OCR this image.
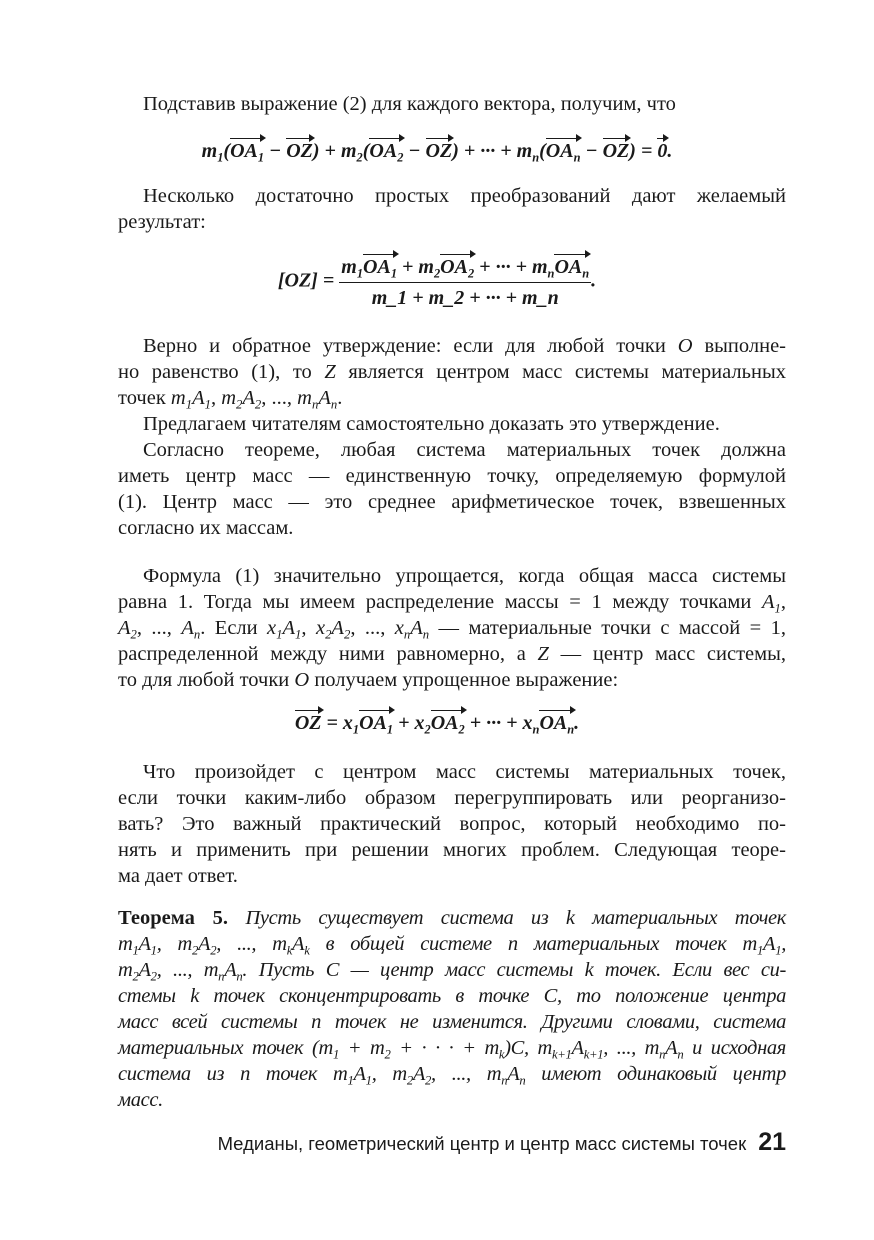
Подставив выражение (2) для каждого вектора, получим, что
Несколько достаточно простых преобразований дают желаемый
результат:
Верно и обратное утверждение: если для любой точки O выполне-
но равенство (1), то Z является центром масс системы материальных
точек $m_1A_1$, $m_2A_2$, ..., $m_nA_n$.
Предлагаем читателям самостоятельно доказать это утверждение.
Согласно теореме, любая система материальных точек должна
иметь центр масс — единственную точку, определяемую формулой
(1). Центр масс — это среднее арифметическое точек, взвешенных
согласно их массам.
Формула (1) значительно упрощается, когда общая масса системы
равна 1. Тогда мы имеем распределение массы = 1 между точками $A_1$,
$A_2$, ..., $A_n$. Если $x_1A_1$, $x_2A_2$, ..., $x_nA_n$ — материальные точки с массой = 1,
распределенной между ними равномерно, а Z — центр масс системы,
то для любой точки O получаем упрощенное выражение:
Что произойдет с центром масс системы материальных точек,
если точки каким-либо образом перегруппировать или реорганизо-
вать? Это важный практический вопрос, который необходимо по-
нять и применить при решении многих проблем. Следующая теоре-
ма дает ответ.
Теорема 5. Пусть существует система из k материальных точек
$m_1A_1$, $m_2A_2$, ..., $m_kA_k$ в общей системе n материальных точек $m_1A_1$,
$m_2A_2$, ..., $m_nA_n$. Пусть C — центр масс системы k точек. Если вес си-
стемы k точек сконцентрировать в точке C, то положение центра
масс всей системы n точек не изменится. Другими словами, система
материальных точек ($m_1 + m_2$ + · · · + $m_k)C$, $m_{k+1}A_{k+1}$, ..., $m_nA_n$ и исходная
система из n точек $m_1A_1$, $m_2A_2$, ..., $m_nA_n$ имеют одинаковый центр
масс.
$m_1(OA_1 - OZ) + m_2(OA_2 - OZ)$ + ··· + $m_n(OA_n - OZ) = 0$.
$[OZ] = \frac{m_1OA_1 + m_2OA_2 + \cdot\cdot\cdot + m_nOA_n}{m\_1 + m\_2 + \cdot\cdot\cdot + m\_n}$ .
OZ = $x_1OA_1 + x_2OA_2$ + ··· + $x_nOA_n$.
Медианы, геометрический центр и центр масс системы точек 21
